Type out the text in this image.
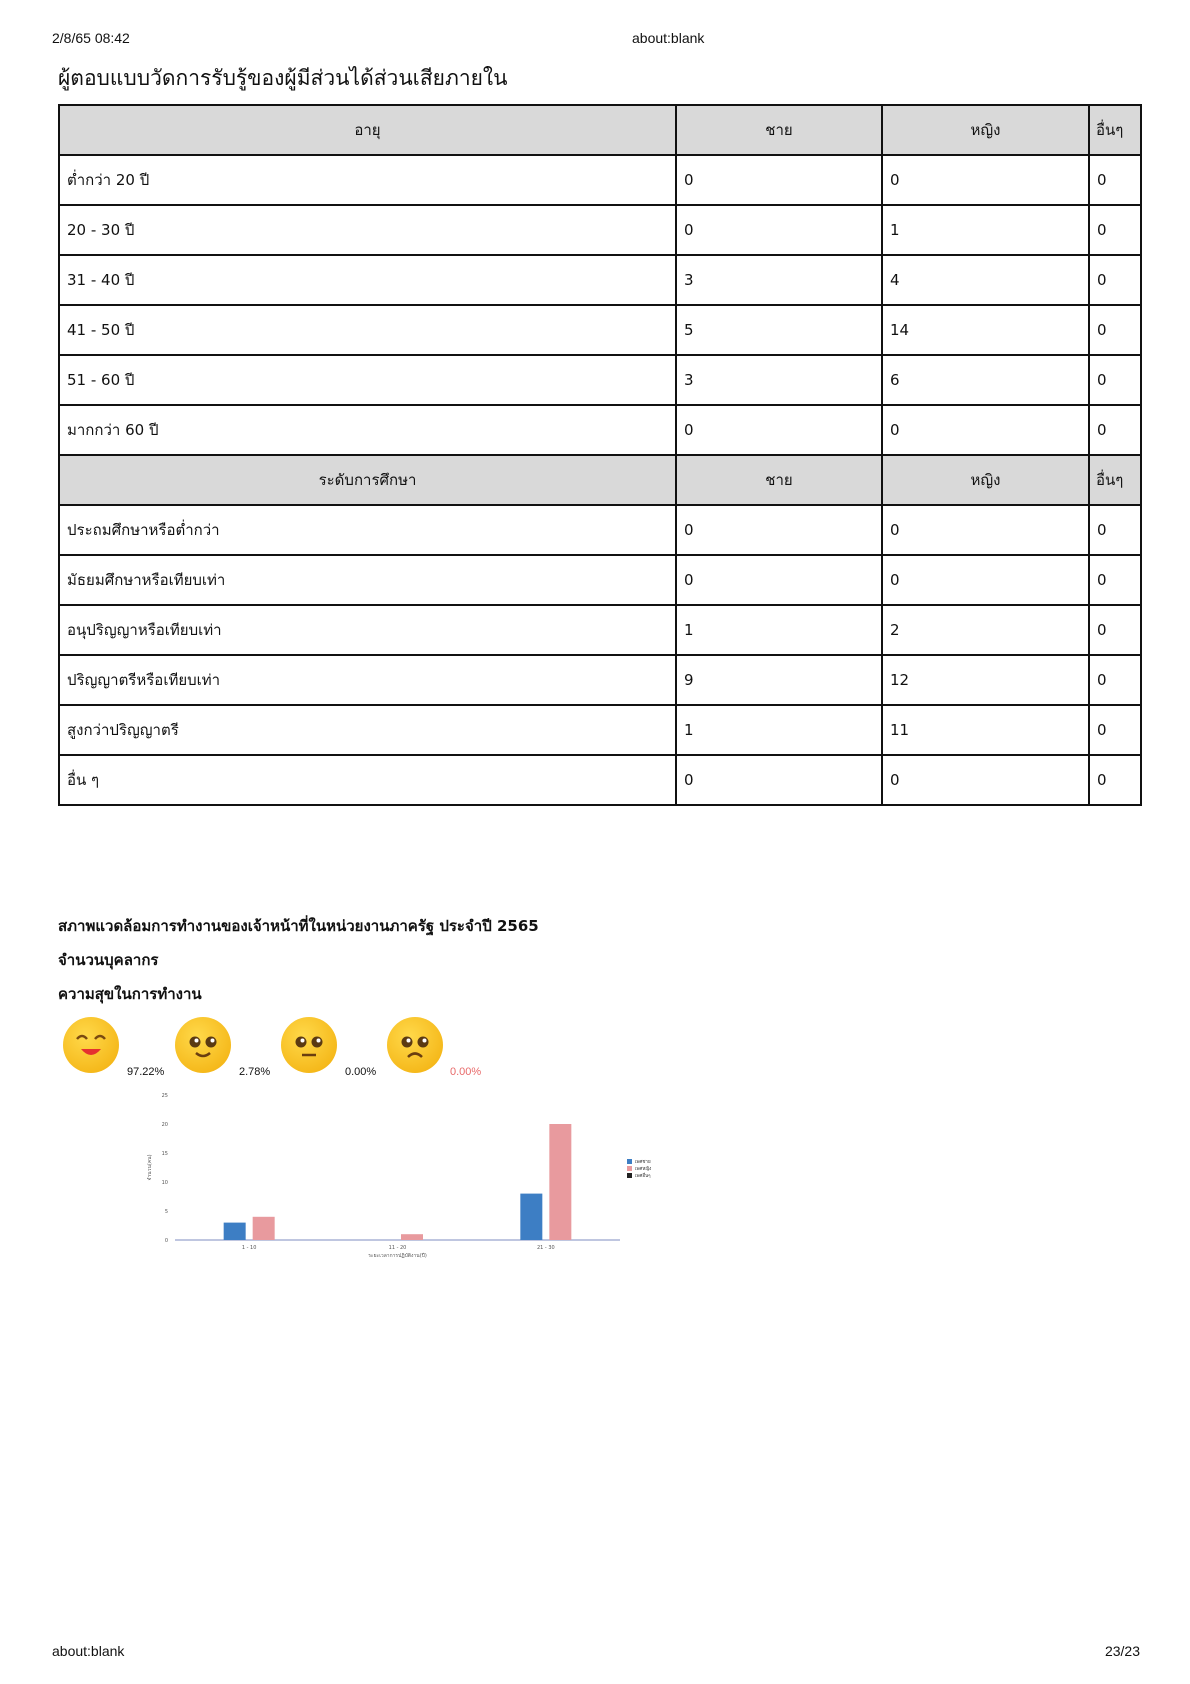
2/8/65 08:42	about:blank
ผู้ตอบแบบวัดการรับรู้ของผู้มีส่วนได้ส่วนเสียภายใน
อายุ	ชาย	หญิง	อื่นๆ
ต่ำกว่า 20 ปี	0	0	0
20 - 30 ปี	0	1	0
31 - 40 ปี	3	4	0
41 - 50 ปี	5	14	0
51 - 60 ปี	3	6	0
มากกว่า 60 ปี	0	0	0
ระดับการศึกษา	ชาย	หญิง	อื่นๆ
ประถมศึกษาหรือต่ำกว่า	0	0	0
มัธยมศึกษาหรือเทียบเท่า	0	0	0
อนุปริญญาหรือเทียบเท่า	1	2	0
ปริญญาตรีหรือเทียบเท่า	9	12	0
สูงกว่าปริญญาตรี	1	11	0
อื่น ๆ	0	0	0
สภาพแวดล้อมการทำงานของเจ้าหน้าที่ในหน่วยงานภาครัฐ ประจำปี 2565
จำนวนบุคลากร
ความสุขในการทำงาน
97.22%	2.78%	0.00%	0.00%
0
5
10
15
20
25
จำนวน(คน)
1 - 10	11 - 20	21 - 30
ระยะเวลาการปฏิบัติงาน(ปี)
เพศชาย
เพศหญิง
เพศอื่นๆ
about:blank	23/23
